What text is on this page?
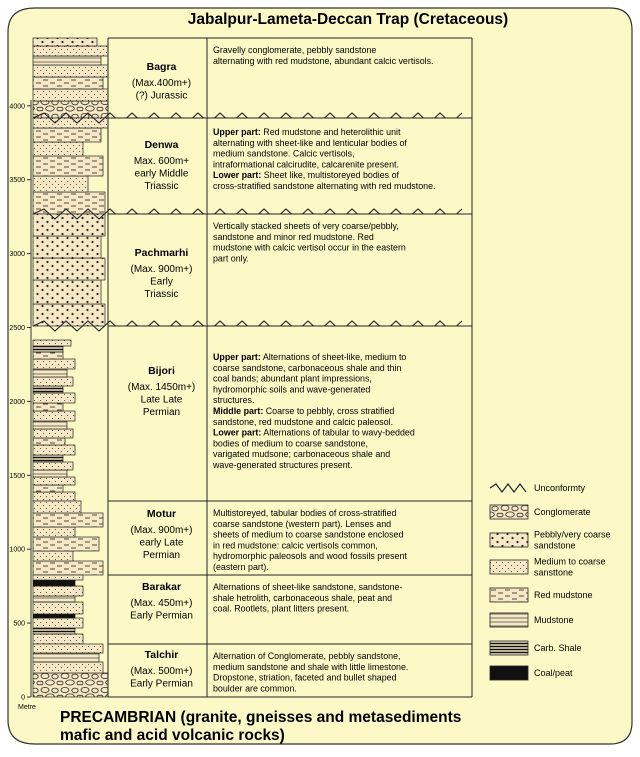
Jabalpur-Lameta-Deccan Trap (Cretaceous)
0
500
1000
1500
2000
2500
3000
3500
4000
Metre
Bagra
(Max.400m+)
(?) Jurassic
Gravelly conglomerate, pebbly sandstone
alternating with red mudstone, abundant calcic vertisols.
Denwa
Max. 600m+
early Middle
Triassic
Upper part: Red mudstone and heterolithic unit
alternating with sheet-like and lenticular bodies of
medium sandstone. Calcic vertisols,
intraformational calcirudite, calcarenite present.
Lower part: Sheet like, multistoreyed bodies of
cross-stratified sandstone alternating with red mudstone.
Pachmarhi
(Max. 900m+)
Early
Triassic
Vertically stacked sheets of very coarse/pebbly,
sandstone and minor red mudstone. Red
mudstone with calcic vertisol occur in the eastern
part only.
Bijori
(Max. 1450m+)
Late Late
Permian
Upper part: Alternations of sheet-like, medium to
coarse sandstone, carbonaceous shale and thin
coal bands; abundant plant impressions,
hydromorphic soils and wave-generated
structures.
Middle part: Coarse to pebbly, cross stratified
sandstone, red mudstone and calcic paleosol.
Lower part: Alternations of tabular to wavy-bedded
bodies of medium to coarse sandstone,
varigated mudsone; carbonaceous shale and
wave-generated structures present.
Motur
(Max. 900m+)
early Late
Permian
Multistoreyed, tabular bodies of cross-stratified
coarse sandstone (western part). Lenses and
sheets of medium to coarse sandstone enclosed
in red mudstone: calcic vertisols common,
hydromorphic paleosols and wood fossils present
(eastern part).
Barakar
(Max. 450m+)
Early Permian
Alternations of sheet-like sandstone, sandstone-
shale hetrolith, carbonaceous shale, peat and
coal. Rootlets, plant litters present.
Talchir
(Max. 500m+)
Early Permian
Alternation of Conglomerate, pebbly sandstone,
medium sandstone and shale with little limestone.
Dropstone, striation, faceted and bullet shaped
boulder are common.
Unconformty
Conglomerate
Pebbly/very coarse
sandstone
Medium to coarse
sansttone
Red mudstone
Mudstone
Carb. Shale
Coal/peat
PRECAMBRIAN (granite, gneisses and metasediments
mafic and acid volcanic rocks)
